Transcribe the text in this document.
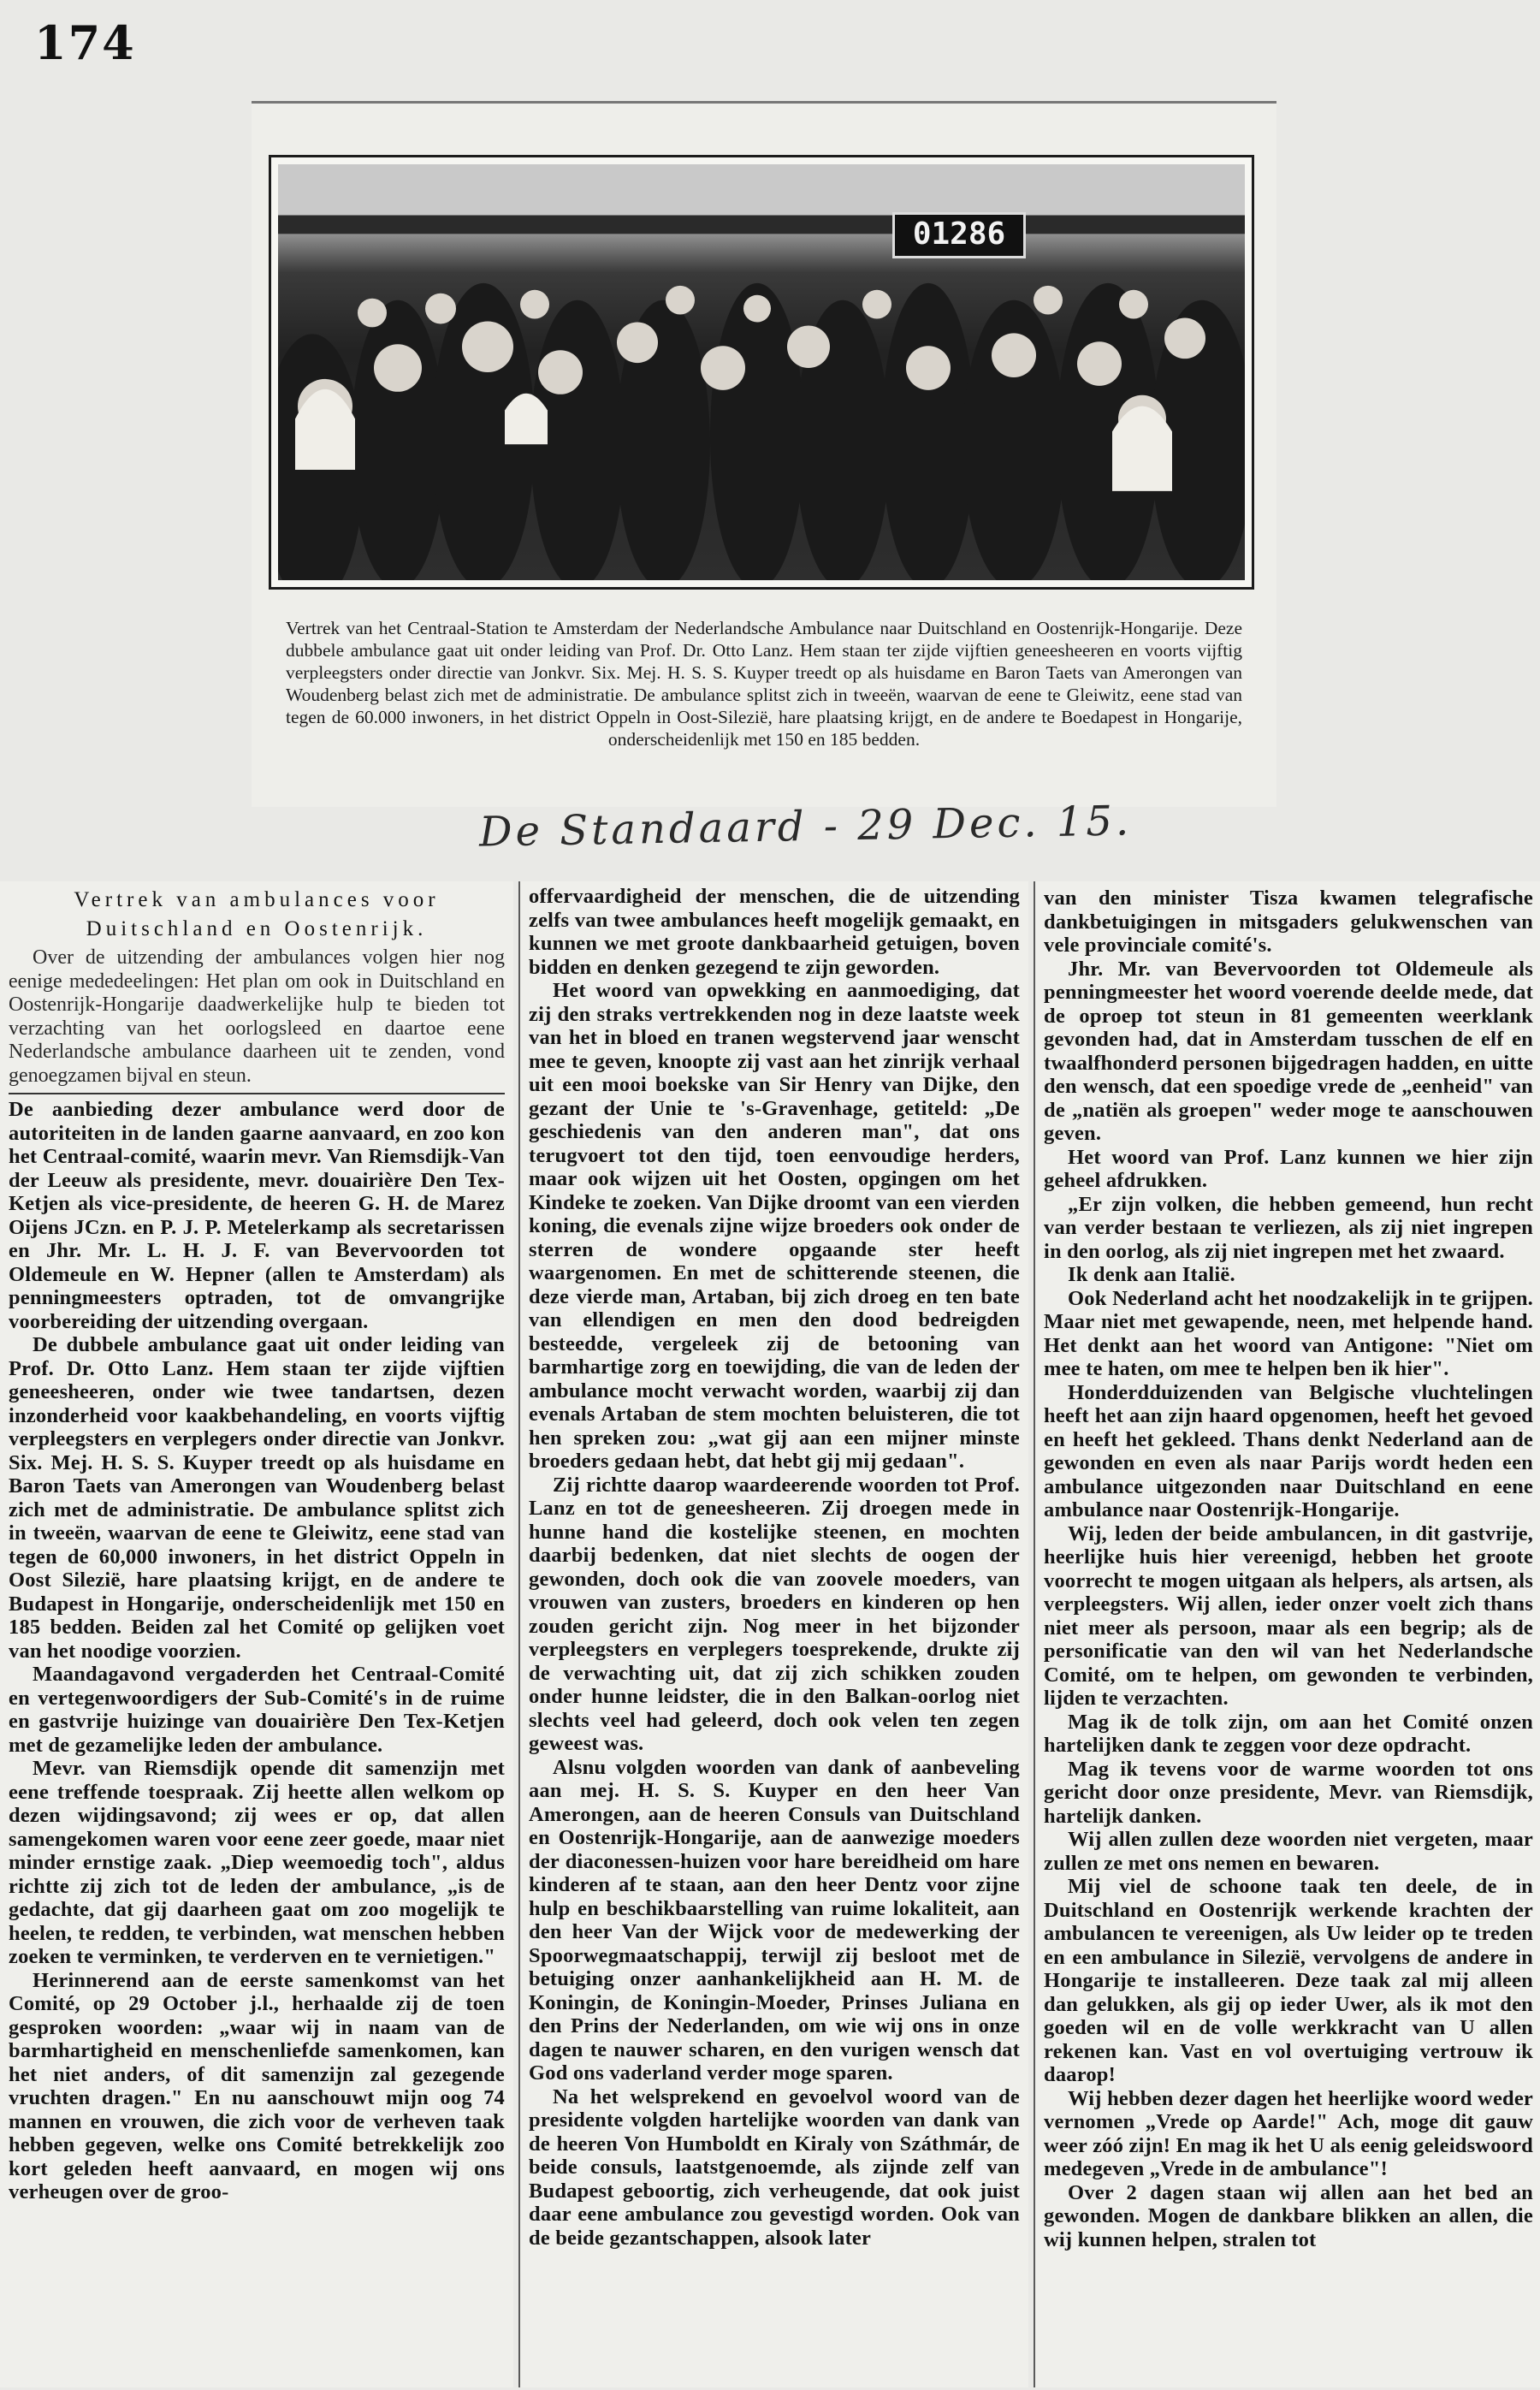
174
01286
Vertrek van het Centraal-Station te Amsterdam der Nederlandsche Ambulance naar Duitschland en Oostenrijk-Hongarije. Deze dubbele ambulance gaat uit onder leiding van Prof. Dr. Otto Lanz. Hem staan ter zijde vijftien geneesheeren en voorts vijftig verpleegsters onder directie van Jonkvr. Six. Mej. H. S. S. Kuyper treedt op als huisdame en Baron Taets van Amerongen van Woudenberg belast zich met de administratie. De ambulance splitst zich in tweeën, waarvan de eene te Gleiwitz, eene stad van tegen de 60.000 inwoners, in het district Oppeln in Oost-Silezië, hare plaatsing krijgt, en de andere te Boedapest in Hongarije, onderscheidenlijk met 150 en 185 bedden.
De Standaard - 29 Dec. 15.
Vertrek van ambulances voor
Duitschland en Oostenrijk.

Over de uitzending der ambulances volgen hier nog eenige mededeelingen: Het plan om ook in Duitschland en Oostenrijk-Hongarije daadwerkelijke hulp te bieden tot verzachting van het oorlogsleed en daartoe eene Nederlandsche ambulance daarheen uit te zenden, vond genoegzamen bijval en steun.

De aanbieding dezer ambulance werd door de autoriteiten in de landen gaarne aanvaard, en zoo kon het Centraal-comité, waarin mevr. Van Riemsdijk-Van der Leeuw als presidente, mevr. douairière Den Tex-Ketjen als vice-presidente, de heeren G. H. de Marez Oijens JCzn. en P. J. P. Metelerkamp als secretarissen en Jhr. Mr. L. H. J. F. van Bevervoorden tot Oldemeule en W. Hepner (allen te Amsterdam) als penningmeesters optraden, tot de omvangrijke voorbereiding der uitzending overgaan.

De dubbele ambulance gaat uit onder leiding van Prof. Dr. Otto Lanz. Hem staan ter zijde vijftien geneesheeren, onder wie twee tandartsen, dezen inzonderheid voor kaakbehandeling, en voorts vijftig verpleegsters en verplegers onder directie van Jonkvr. Six. Mej. H. S. S. Kuyper treedt op als huisdame en Baron Taets van Amerongen van Woudenberg belast zich met de administratie. De ambulance splitst zich in tweeën, waarvan de eene te Gleiwitz, eene stad van tegen de 60,000 inwoners, in het district Oppeln in Oost Silezië, hare plaatsing krijgt, en de andere te Budapest in Hongarije, onderscheidenlijk met 150 en 185 bedden. Beiden zal het Comité op gelijken voet van het noodige voorzien.

Maandagavond vergaderden het Centraal-Comité en vertegenwoordigers der Sub-Comité's in de ruime en gastvrije huizinge van douairière Den Tex-Ketjen met de gezamelijke leden der ambulance.

Mevr. van Riemsdijk opende dit samenzijn met eene treffende toespraak. Zij heette allen welkom op dezen wijdingsavond; zij wees er op, dat allen samengekomen waren voor eene zeer goede, maar niet minder ernstige zaak. „Diep weemoedig toch", aldus richtte zij zich tot de leden der ambulance, „is de gedachte, dat gij daarheen gaat om zoo mogelijk te heelen, te redden, te verbinden, wat menschen hebben zoeken te verminken, te verderven en te vernietigen."

Herinnerend aan de eerste samenkomst van het Comité, op 29 October j.l., herhaalde zij de toen gesproken woorden: „waar wij in naam van de barmhartigheid en menschenliefde samenkomen, kan het niet anders, of dit samenzijn zal gezegende vruchten dragen." En nu aanschouwt mijn oog 74 mannen en vrouwen, die zich voor de verheven taak hebben gegeven, welke ons Comité betrekkelijk zoo kort geleden heeft aanvaard, en mogen wij ons verheugen over de groo-

offervaardigheid der menschen, die de uitzending zelfs van twee ambulances heeft mogelijk gemaakt, en kunnen we met groote dankbaarheid getuigen, boven bidden en denken gezegend te zijn geworden.

Het woord van opwekking en aanmoediging, dat zij den straks vertrekkenden nog in deze laatste week van het in bloed en tranen wegstervend jaar wenscht mee te geven, knoopte zij vast aan het zinrijk verhaal uit een mooi boekske van Sir Henry van Dijke, den gezant der Unie te 's-Gravenhage, getiteld: „De geschiedenis van den anderen man", dat ons terugvoert tot den tijd, toen eenvoudige herders, maar ook wijzen uit het Oosten, opgingen om het Kindeke te zoeken. Van Dijke droomt van een vierden koning, die evenals zijne wijze broeders ook onder de sterren de wondere opgaande ster heeft waargenomen. En met de schitterende steenen, die deze vierde man, Artaban, bij zich droeg en ten bate van ellendigen en men den dood bedreigden besteedde, vergeleek zij de betooning van barmhartige zorg en toewijding, die van de leden der ambulance mocht verwacht worden, waarbij zij dan evenals Artaban de stem mochten beluisteren, die tot hen spreken zou: „wat gij aan een mijner minste broeders gedaan hebt, dat hebt gij mij gedaan".

Zij richtte daarop waardeerende woorden tot Prof. Lanz en tot de geneesheeren. Zij droegen mede in hunne hand die kostelijke steenen, en mochten daarbij bedenken, dat niet slechts de oogen der gewonden, doch ook die van zoovele moeders, van vrouwen van zusters, broeders en kinderen op hen zouden gericht zijn. Nog meer in het bijzonder verpleegsters en verplegers toesprekende, drukte zij de verwachting uit, dat zij zich schikken zouden onder hunne leidster, die in den Balkan-oorlog niet slechts veel had geleerd, doch ook velen ten zegen geweest was.

Alsnu volgden woorden van dank of aanbeveling aan mej. H. S. S. Kuyper en den heer Van Amerongen, aan de heeren Consuls van Duitschland en Oostenrijk-Hongarije, aan de aanwezige moeders der diaconessen-huizen voor hare bereidheid om hare kinderen af te staan, aan den heer Dentz voor zijne hulp en beschikbaarstelling van ruime lokaliteit, aan den heer Van der Wijck voor de medewerking der Spoorwegmaatschappij, terwijl zij besloot met de betuiging onzer aanhankelijkheid aan H. M. de Koningin, de Koningin-Moeder, Prinses Juliana en den Prins der Nederlanden, om wie wij ons in onze dagen te nauwer scharen, en den vurigen wensch dat God ons vaderland verder moge sparen.

Na het welsprekend en gevoelvol woord van de presidente volgden hartelijke woorden van dank van de heeren Von Humboldt en Kiraly von Száthmár, de beide consuls, laatstgenoemde, als zijnde zelf van Budapest geboortig, zich verheugende, dat ook juist daar eene ambulance zou gevestigd worden. Ook van de beide gezantschappen, alsook later

van den minister Tisza kwamen telegrafische dankbetuigingen in mitsgaders gelukwenschen van vele provinciale comité's.

Jhr. Mr. van Bevervoorden tot Oldemeule als penningmeester het woord voerende deelde mede, dat de oproep tot steun in 81 gemeenten weerklank gevonden had, dat in Amsterdam tusschen de elf en twaalfhonderd personen bijgedragen hadden, en uitte den wensch, dat een spoedige vrede de „eenheid" van de „natiën als groepen" weder moge te aanschouwen geven.

Het woord van Prof. Lanz kunnen we hier zijn geheel afdrukken.

„Er zijn volken, die hebben gemeend, hun recht van verder bestaan te verliezen, als zij niet ingrepen in den oorlog, als zij niet ingrepen met het zwaard.

Ik denk aan Italië.

Ook Nederland acht het noodzakelijk in te grijpen. Maar niet met gewapende, neen, met helpende hand. Het denkt aan het woord van Antigone: "Niet om mee te haten, om mee te helpen ben ik hier".

Honderdduizenden van Belgische vluchtelingen heeft het aan zijn haard opgenomen, heeft het gevoed en heeft het gekleed. Thans denkt Nederland aan de gewonden en even als naar Parijs wordt heden een ambulance uitgezonden naar Duitschland en eene ambulance naar Oostenrijk-Hongarije.

Wij, leden der beide ambulancen, in dit gastvrije, heerlijke huis hier vereenigd, hebben het groote voorrecht te mogen uitgaan als helpers, als artsen, als verpleegsters. Wij allen, ieder onzer voelt zich thans niet meer als persoon, maar als een begrip; als de personificatie van den wil van het Nederlandsche Comité, om te helpen, om gewonden te verbinden, lijden te verzachten.

Mag ik de tolk zijn, om aan het Comité onzen hartelijken dank te zeggen voor deze opdracht.

Mag ik tevens voor de warme woorden tot ons gericht door onze presidente, Mevr. van Riemsdijk, hartelijk danken.

Wij allen zullen deze woorden niet vergeten, maar zullen ze met ons nemen en bewaren.

Mij viel de schoone taak ten deele, de in Duitschland en Oostenrijk werkende krachten der ambulancen te vereenigen, als Uw leider op te treden en een ambulance in Silezië, vervolgens de andere in Hongarije te installeeren. Deze taak zal mij alleen dan gelukken, als gij op ieder Uwer, als ik mot den goeden wil en de volle werkkracht van U allen rekenen kan. Vast en vol overtuiging vertrouw ik daarop!

Wij hebben dezer dagen het heerlijke woord weder vernomen „Vrede op Aarde!" Ach, moge dit gauw weer zóó zijn! En mag ik het U als eenig geleidswoord medegeven „Vrede in de ambulance"!

Over 2 dagen staan wij allen aan het bed an gewonden. Mogen de dankbare blikken an allen, die wij kunnen helpen, stralen tot
